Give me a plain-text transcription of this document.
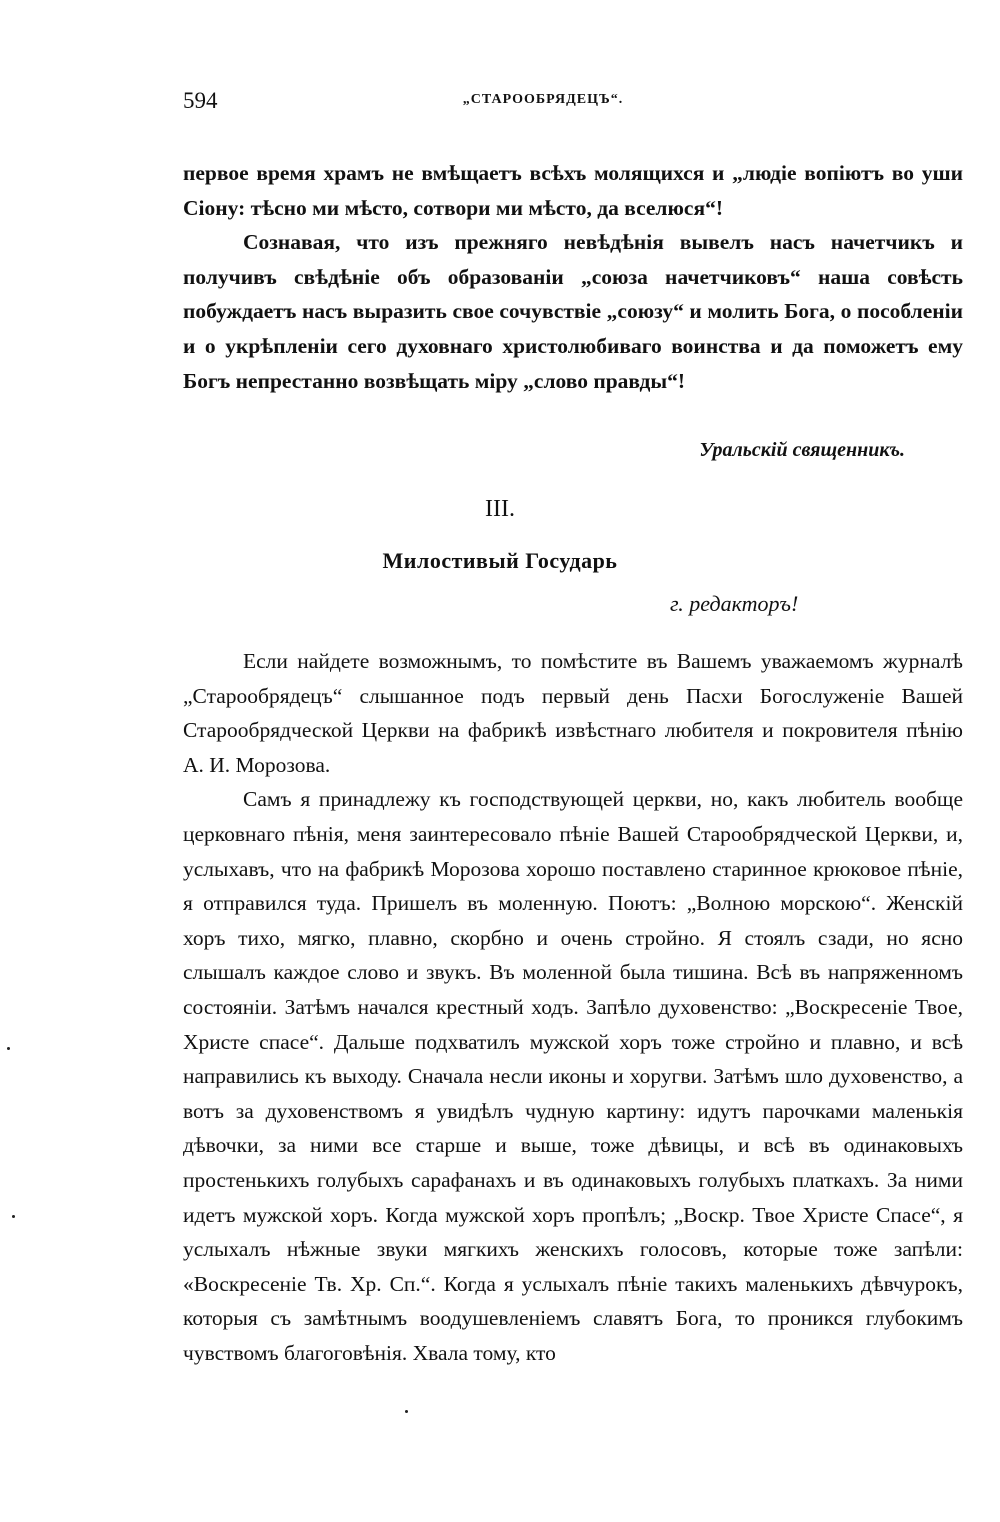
594	„СТАРООБРЯДЕЦЪ“.

первое время храмъ не вмѣщаетъ всѣхъ молящихся и „людіе вопіютъ во уши Сіону: тѣсно ми мѣсто, сотвори ми мѣсто, да вселюся“!

Сознавая, что изъ прежняго невѣдѣнія вывелъ насъ начетчикъ и получивъ свѣдѣніе объ образованіи „союза начетчиковъ“ наша совѣсть побуждаетъ насъ выразить свое сочувствіе „союзу“ и молить Бога, о пособленіи и о укрѣпленіи сего духовнаго христолюбиваго воинства и да поможетъ ему Богъ непрестанно возвѣщать міру „слово правды“!

Уральскій священникъ.
III.
Милостивый Государь
г. редакторъ!

Если найдете возможнымъ, то помѣстите въ Вашемъ уважаемомъ журналѣ „Старообрядецъ“ слышанное подъ первый день Пасхи Богослуженіе Вашей Старообрядческой Церкви на фабрикѣ извѣстнаго любителя и покровителя пѣнію А. И. Морозова.

Самъ я принадлежу къ господствующей церкви, но, какъ любитель вообще церковнаго пѣнія, меня заинтересовало пѣніе Вашей Старообрядческой Церкви, и, услыхавъ, что на фабрикѣ Морозова хорошо поставлено старинное крюковое пѣніе, я отправился туда. Пришелъ въ моленную. Поютъ: „Волною морскою“. Женскій хоръ тихо, мягко, плавно, скорбно и очень стройно. Я стоялъ сзади, но ясно слышалъ каждое слово и звукъ. Въ моленной была тишина. Всѣ въ напряженномъ состояніи. Затѣмъ начался крестный ходъ. Запѣло духовенство: „Воскресеніе Твое, Христе спасе“. Дальше подхватилъ мужской хоръ тоже стройно и плавно, и всѣ направились къ выходу. Сначала несли иконы и хоругви. Затѣмъ шло духовенство, а вотъ за духовенствомъ я увидѣлъ чудную картину: идутъ парочками маленькія дѣвочки, за ними все старше и выше, тоже дѣвицы, и всѣ въ одинаковыхъ простенькихъ голубыхъ сарафанахъ и въ одинаковыхъ голубыхъ платкахъ. За ними идетъ мужской хоръ. Когда мужской хоръ пропѣлъ; „Воскр. Твое Христе Спасе“, я услыхалъ нѣжные звуки мягкихъ женскихъ голосовъ, которые тоже запѣли: «Воскресеніе Тв. Хр. Сп.“. Когда я услыхалъ пѣніе такихъ маленькихъ дѣвчурокъ, которыя съ замѣтнымъ воодушевленіемъ славятъ Бога, то проникся глубокимъ чувствомъ благоговѣнія. Хвала тому, кто
